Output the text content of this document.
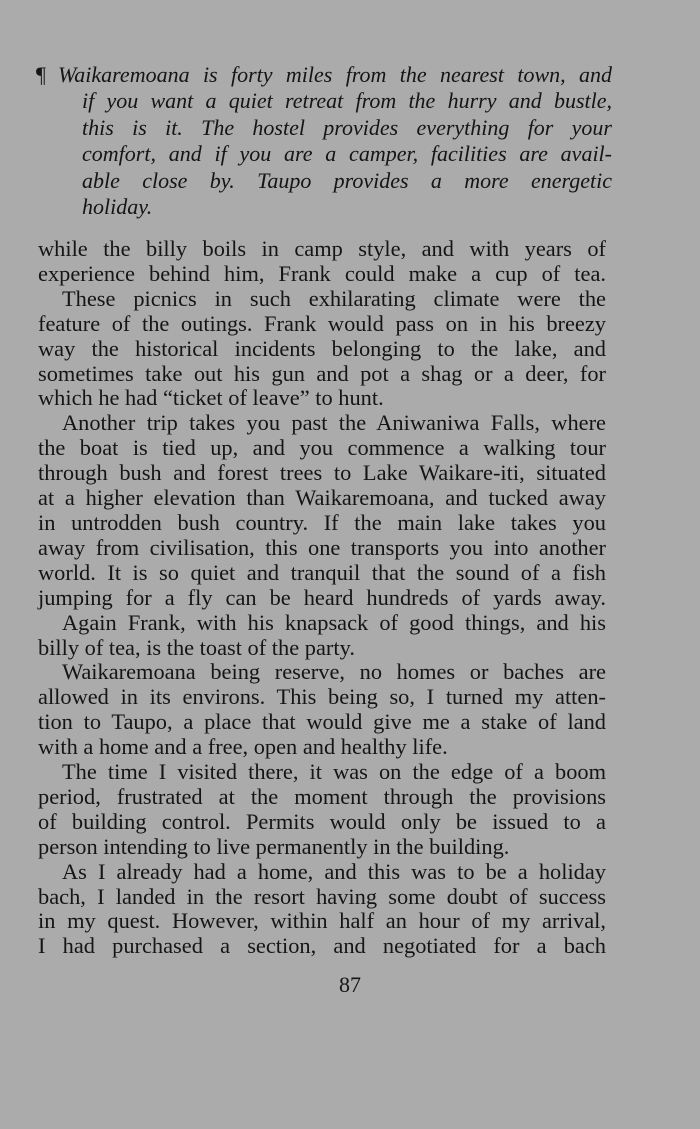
¶ Waikaremoana is forty miles from the nearest town, and
if you want a quiet retreat from the hurry and bustle,
this is it. The hostel provides everything for your
comfort, and if you are a camper, facilities are avail-
able close by. Taupo provides a more energetic
holiday.
while the billy boils in camp style, and with years of
experience behind him, Frank could make a cup of tea.
These picnics in such exhilarating climate were the
feature of the outings. Frank would pass on in his breezy
way the historical incidents belonging to the lake, and
sometimes take out his gun and pot a shag or a deer, for
which he had “ticket of leave” to hunt.
Another trip takes you past the Aniwaniwa Falls, where
the boat is tied up, and you commence a walking tour
through bush and forest trees to Lake Waikare-iti, situated
at a higher elevation than Waikaremoana, and tucked away
in untrodden bush country. If the main lake takes you
away from civilisation, this one transports you into another
world. It is so quiet and tranquil that the sound of a fish
jumping for a fly can be heard hundreds of yards away.
Again Frank, with his knapsack of good things, and his
billy of tea, is the toast of the party.
Waikaremoana being reserve, no homes or baches are
allowed in its environs. This being so, I turned my atten-
tion to Taupo, a place that would give me a stake of land
with a home and a free, open and healthy life.
The time I visited there, it was on the edge of a boom
period, frustrated at the moment through the provisions
of building control. Permits would only be issued to a
person intending to live permanently in the building.
As I already had a home, and this was to be a holiday
bach, I landed in the resort having some doubt of success
in my quest. However, within half an hour of my arrival,
I had purchased a section, and negotiated for a bach
87
